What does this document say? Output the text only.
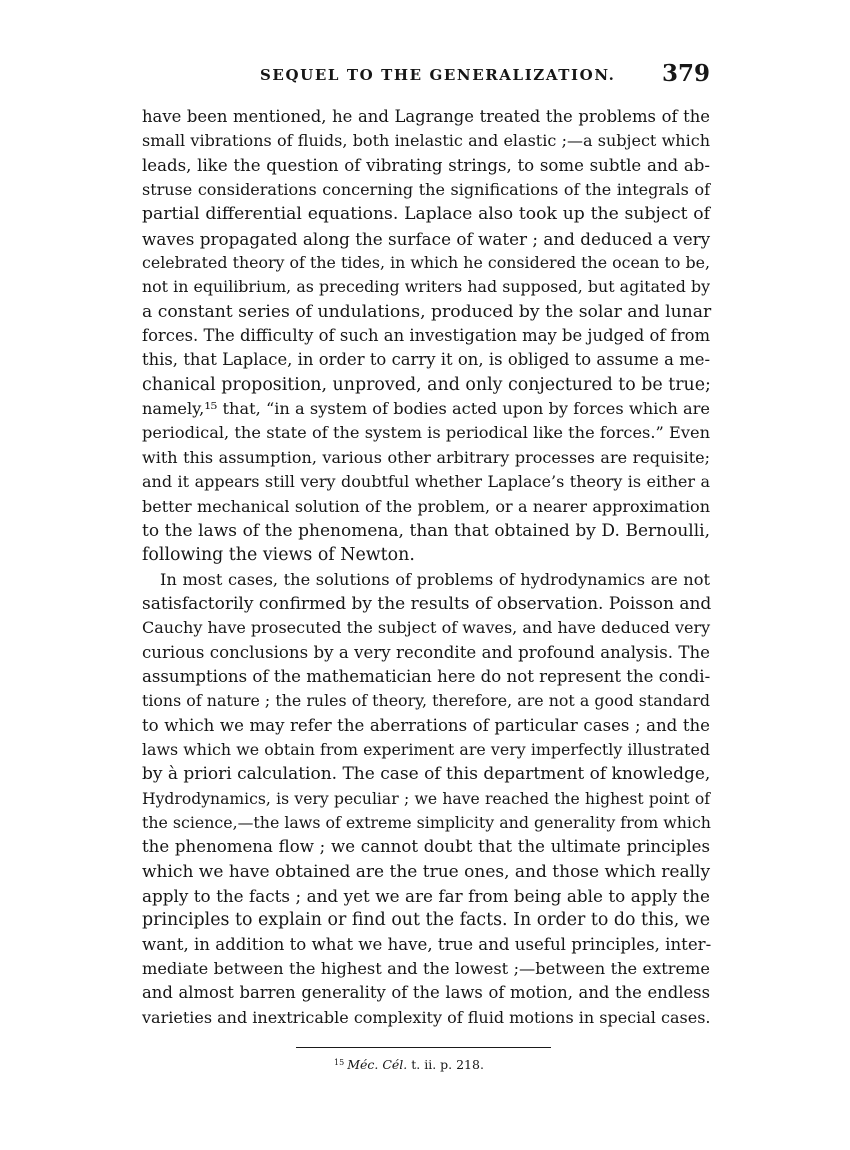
SEQUEL TO THE GENERALIZATION. 379
have been mentioned, he and Lagrange treated the problems of the
small vibrations of fluids, both inelastic and elastic ;—a subject which
leads, like the question of vibrating strings, to some subtle and ab-
struse considerations concerning the significations of the integrals of
partial differential equations. Laplace also took up the subject of
waves propagated along the surface of water ; and deduced a very
celebrated theory of the tides, in which he considered the ocean to be,
not in equilibrium, as preceding writers had supposed, but agitated by
a constant series of undulations, produced by the solar and lunar
forces. The difficulty of such an investigation may be judged of from
this, that Laplace, in order to carry it on, is obliged to assume a me-
chanical proposition, unproved, and only conjectured to be true;
namely,¹⁵ that, “in a system of bodies acted upon by forces which are
periodical, the state of the system is periodical like the forces.” Even
with this assumption, various other arbitrary processes are requisite;
and it appears still very doubtful whether Laplace’s theory is either a
better mechanical solution of the problem, or a nearer approximation
to the laws of the phenomena, than that obtained by D. Bernoulli,
following the views of Newton.
In most cases, the solutions of problems of hydrodynamics are not
satisfactorily confirmed by the results of observation. Poisson and
Cauchy have prosecuted the subject of waves, and have deduced very
curious conclusions by a very recondite and profound analysis. The
assumptions of the mathematician here do not represent the condi-
tions of nature ; the rules of theory, therefore, are not a good standard
to which we may refer the aberrations of particular cases ; and the
laws which we obtain from experiment are very imperfectly illustrated
by à priori calculation. The case of this department of knowledge,
Hydrodynamics, is very peculiar ; we have reached the highest point of
the science,—the laws of extreme simplicity and generality from which
the phenomena flow ; we cannot doubt that the ultimate principles
which we have obtained are the true ones, and those which really
apply to the facts ; and yet we are far from being able to apply the
principles to explain or find out the facts. In order to do this, we
want, in addition to what we have, true and useful principles, inter-
mediate between the highest and the lowest ;—between the extreme
and almost barren generality of the laws of motion, and the endless
varieties and inextricable complexity of fluid motions in special cases.
$^{15}$ Méc. Cél. t. ii. p. 218.
